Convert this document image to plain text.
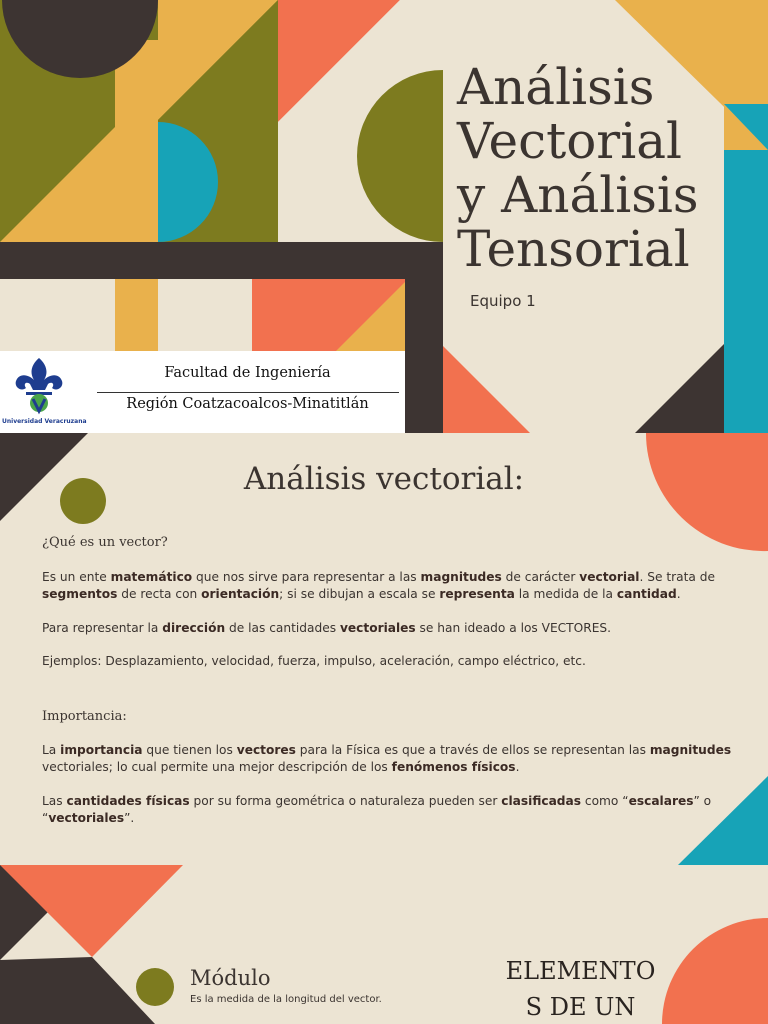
Análisis
Vectorial
y Análisis
Tensorial
Equipo 1
Universidad Veracruzana
Facultad de Ingeniería
Región Coatzacoalcos-Minatitlán
Análisis vectorial:
¿Qué es un vector?

Es un ente matemático que nos sirve para representar a las magnitudes de carácter vectorial. Se trata de segmentos de recta con orientación; si se dibujan a escala se representa la medida de la cantidad.

Para representar la dirección de las cantidades vectoriales se han ideado a los VECTORES.

Ejemplos: Desplazamiento, velocidad, fuerza, impulso, aceleración, campo eléctrico, etc.

Importancia:

La importancia que tienen los vectores para la Física es que a través de ellos se representan las magnitudes vectoriales; lo cual permite una mejor descripción de los fenómenos físicos.

Las cantidades físicas por su forma geométrica o naturaleza pueden ser clasificadas como “escalares” o “vectoriales”.

Módulo
Es la medida de la longitud del vector.
ELEMENTO
S DE UN
